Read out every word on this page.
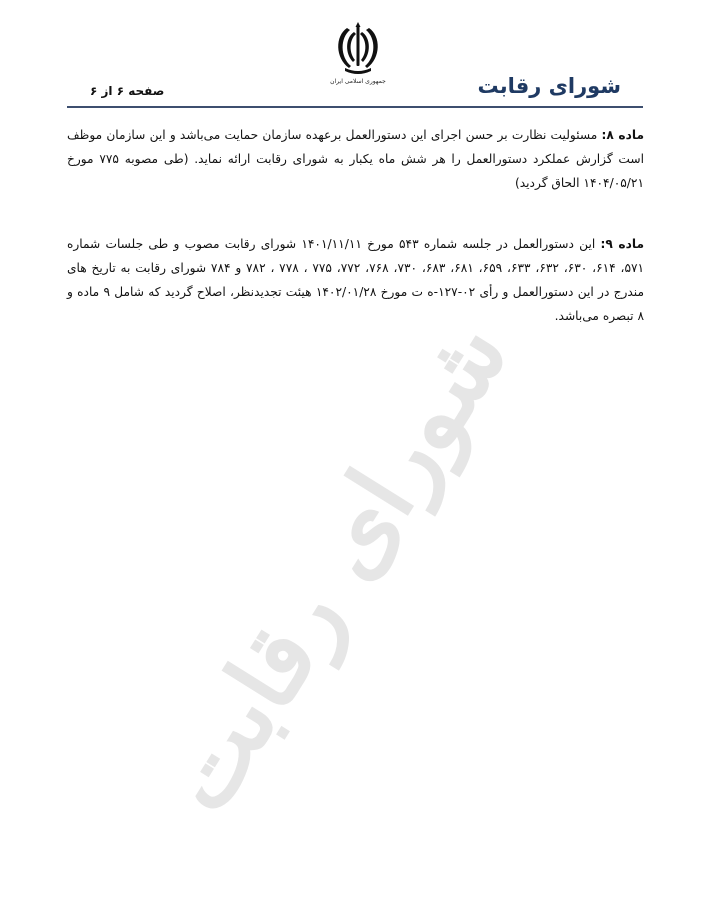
شورای رقابت
جمهوری اسلامی ایران	شورای رقابت
صفحه ۶ از ۶
ماده ۸: مسئولیت نظارت بر حسن اجرای این دستورالعمل برعهده سازمان حمایت می‌باشد و این سازمان موظف است گزارش عملکرد دستورالعمل را هر شش ماه یکبار به شورای رقابت ارائه نماید. (طی مصوبه ۷۷۵ مورخ ۱۴۰۴/۰۵/۲۱ الحاق گردید)
ماده ۹: این دستورالعمل در جلسه شماره ۵۴۳ مورخ ۱۴۰۱/۱۱/۱۱ شورای رقابت مصوب و طی جلسات شماره ۵۷۱، ۶۱۴، ۶۳۰، ۶۳۲، ۶۳۳، ۶۵۹، ۶۸۱، ۶۸۳، ۷۳۰، ۷۶۸، ۷۷۲، ۷۷۵ ، ۷۷۸ ، ۷۸۲ و ۷۸۴ شورای رقابت به تاریخ های مندرج در این دستورالعمل و رأی ۰۲-۱۲۷-ه ت مورخ ۱۴۰۲/۰۱/۲۸ هیئت تجدیدنظر، اصلاح گردید که شامل ۹ ماده و ۸ تبصره می‌باشد.
